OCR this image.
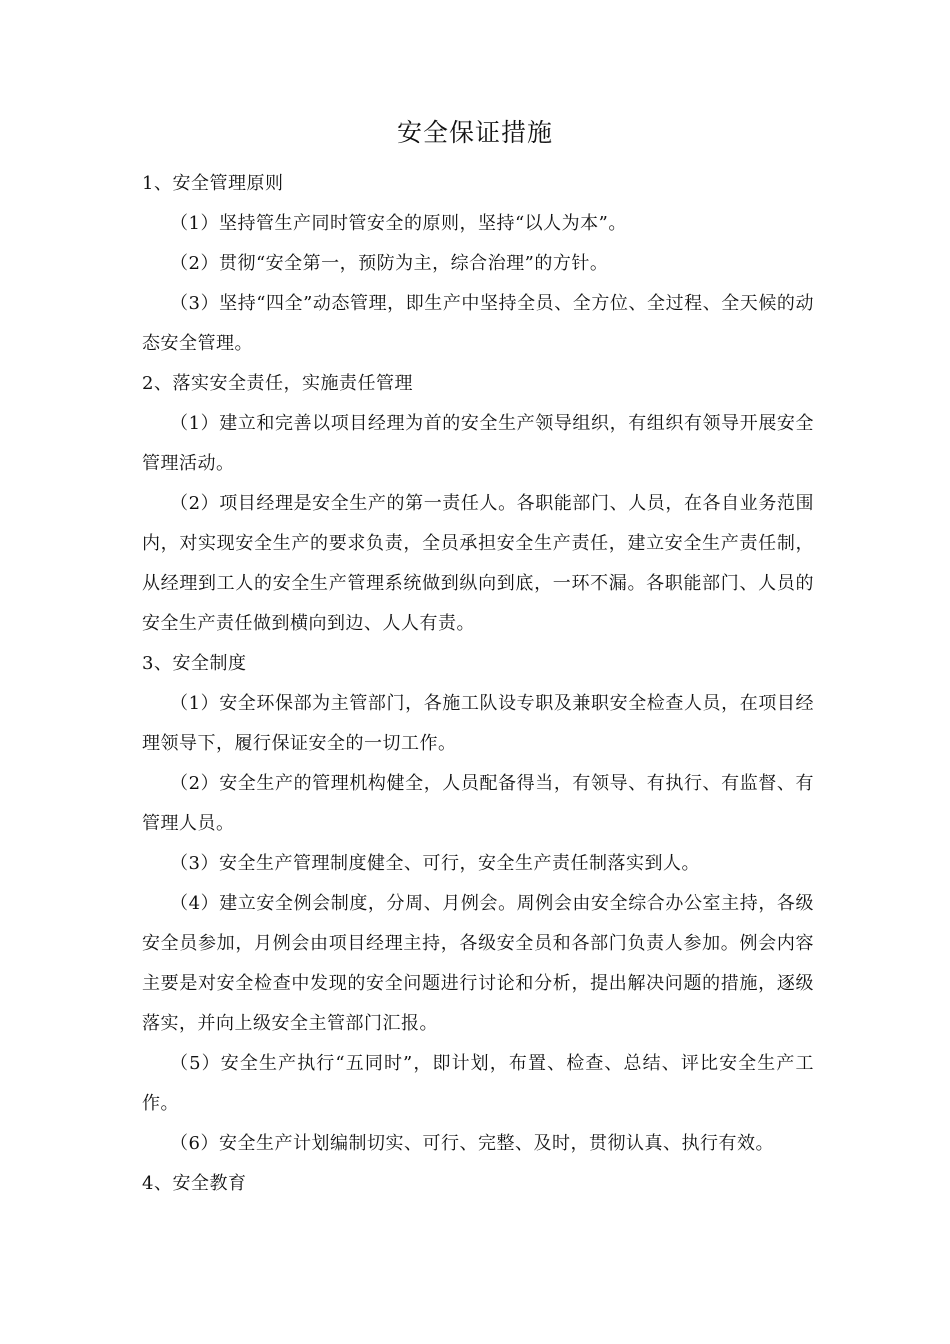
安全保证措施

1、安全管理原则

（1）坚持管生产同时管安全的原则，坚持“以人为本”。

（2）贯彻“安全第一，预防为主，综合治理”的方针。

（3）坚持“四全”动态管理，即生产中坚持全员、全方位、全过程、全天候的动态安全管理。

2、落实安全责任，实施责任管理

（1）建立和完善以项目经理为首的安全生产领导组织，有组织有领导开展安全管理活动。

（2）项目经理是安全生产的第一责任人。各职能部门、人员，在各自业务范围内，对实现安全生产的要求负责，全员承担安全生产责任，建立安全生产责任制，从经理到工人的安全生产管理系统做到纵向到底，一环不漏。各职能部门、人员的安全生产责任做到横向到边、人人有责。

3、安全制度

（1）安全环保部为主管部门，各施工队设专职及兼职安全检查人员，在项目经理领导下，履行保证安全的一切工作。

（2）安全生产的管理机构健全，人员配备得当，有领导、有执行、有监督、有管理人员。

（3）安全生产管理制度健全、可行，安全生产责任制落实到人。

（4）建立安全例会制度，分周、月例会。周例会由安全综合办公室主持，各级安全员参加，月例会由项目经理主持，各级安全员和各部门负责人参加。例会内容主要是对安全检查中发现的安全问题进行讨论和分析，提出解决问题的措施，逐级落实，并向上级安全主管部门汇报。

（5）安全生产执行“五同时”，即计划，布置、检查、总结、评比安全生产工作。

（6）安全生产计划编制切实、可行、完整、及时，贯彻认真、执行有效。

4、安全教育
